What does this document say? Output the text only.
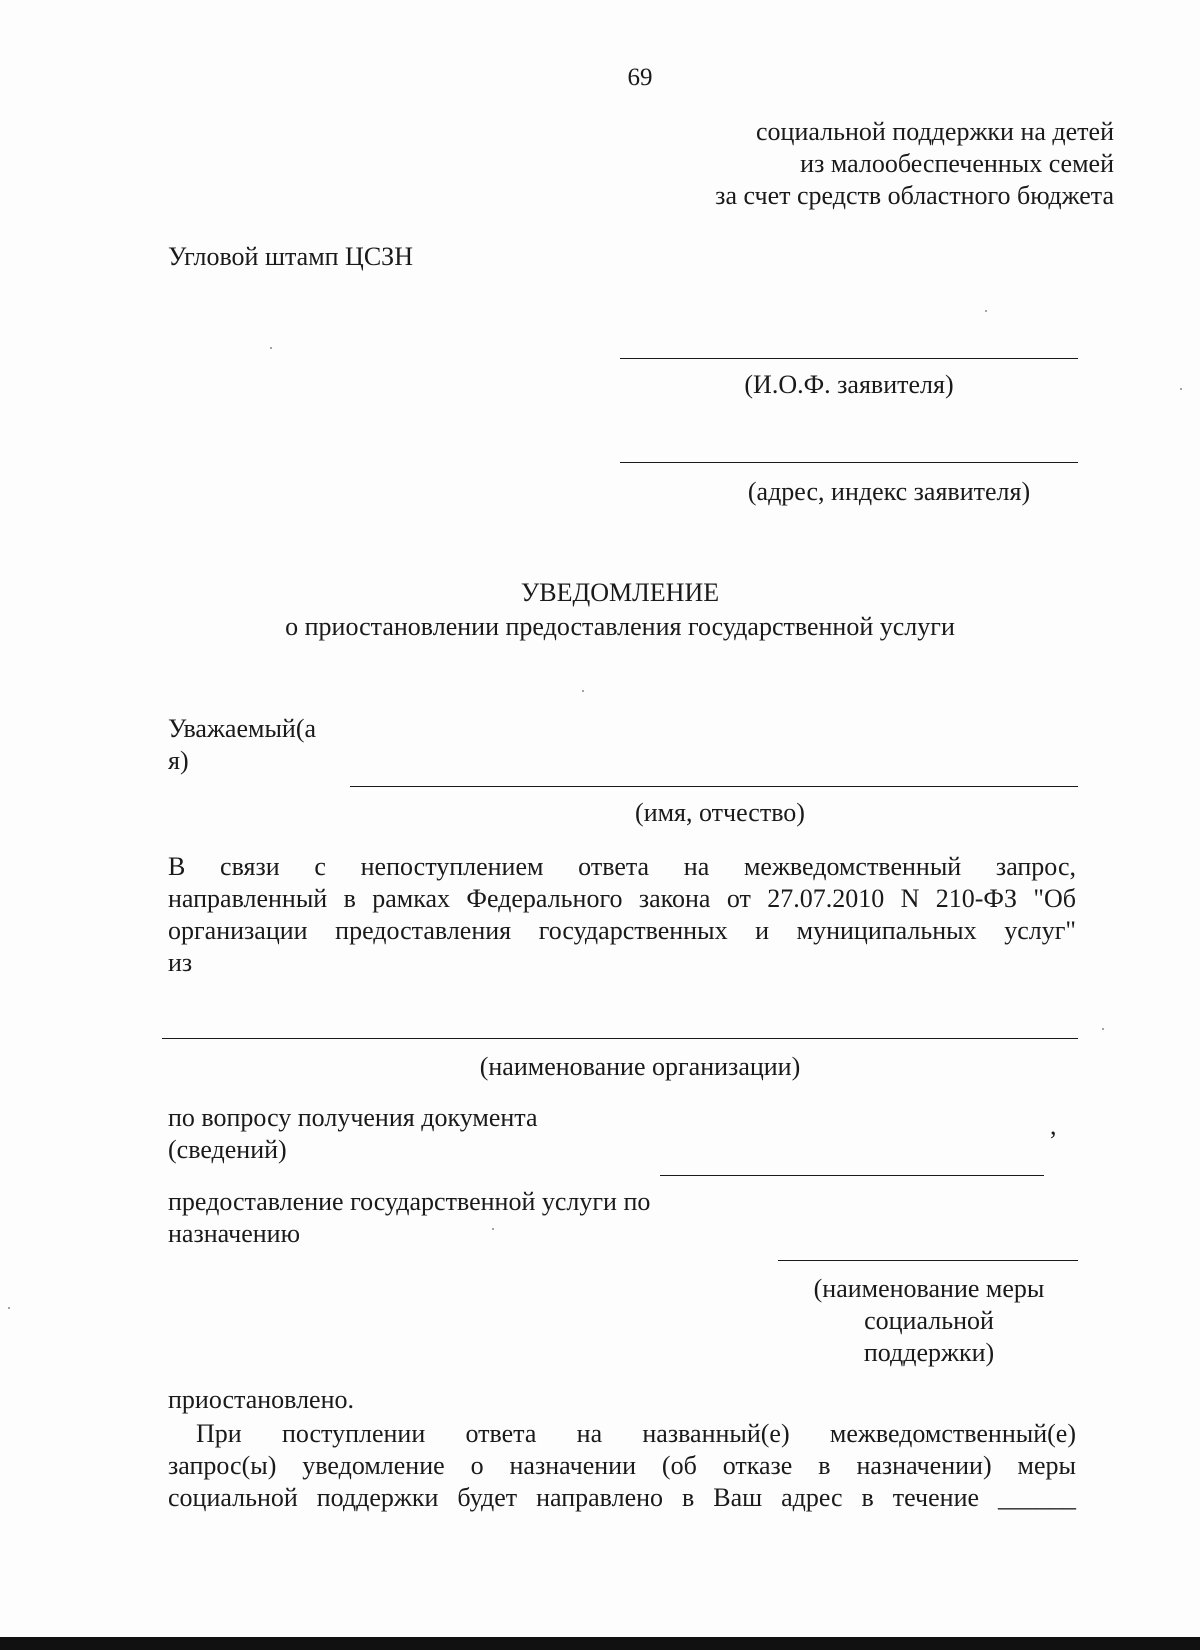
69
социальной поддержки на детей
из малообеспеченных семей
за счет средств областного бюджета
Угловой штамп ЦСЗН
(И.О.Ф. заявителя)
(адрес, индекс заявителя)
УВЕДОМЛЕНИЕ
о приостановлении предоставления государственной услуги
Уважаемый(а
я)
(имя, отчество)
В связи с непоступлением ответа на межведомственный запрос,
направленный в рамках Федерального закона от 27.07.2010 N 210-ФЗ "Об
организации предоставления государственных и муниципальных услуг"
из
(наименование организации)
по вопросу получения документа
(сведений)
,
предоставление государственной услуги по
назначению
(наименование меры
социальной
поддержки)
приостановлено.
При поступлении ответа на названный(е) межведомственный(е)
запрос(ы) уведомление о назначении (об отказе в назначении) меры
социальной поддержки будет направлено в Ваш адрес в течение ______
